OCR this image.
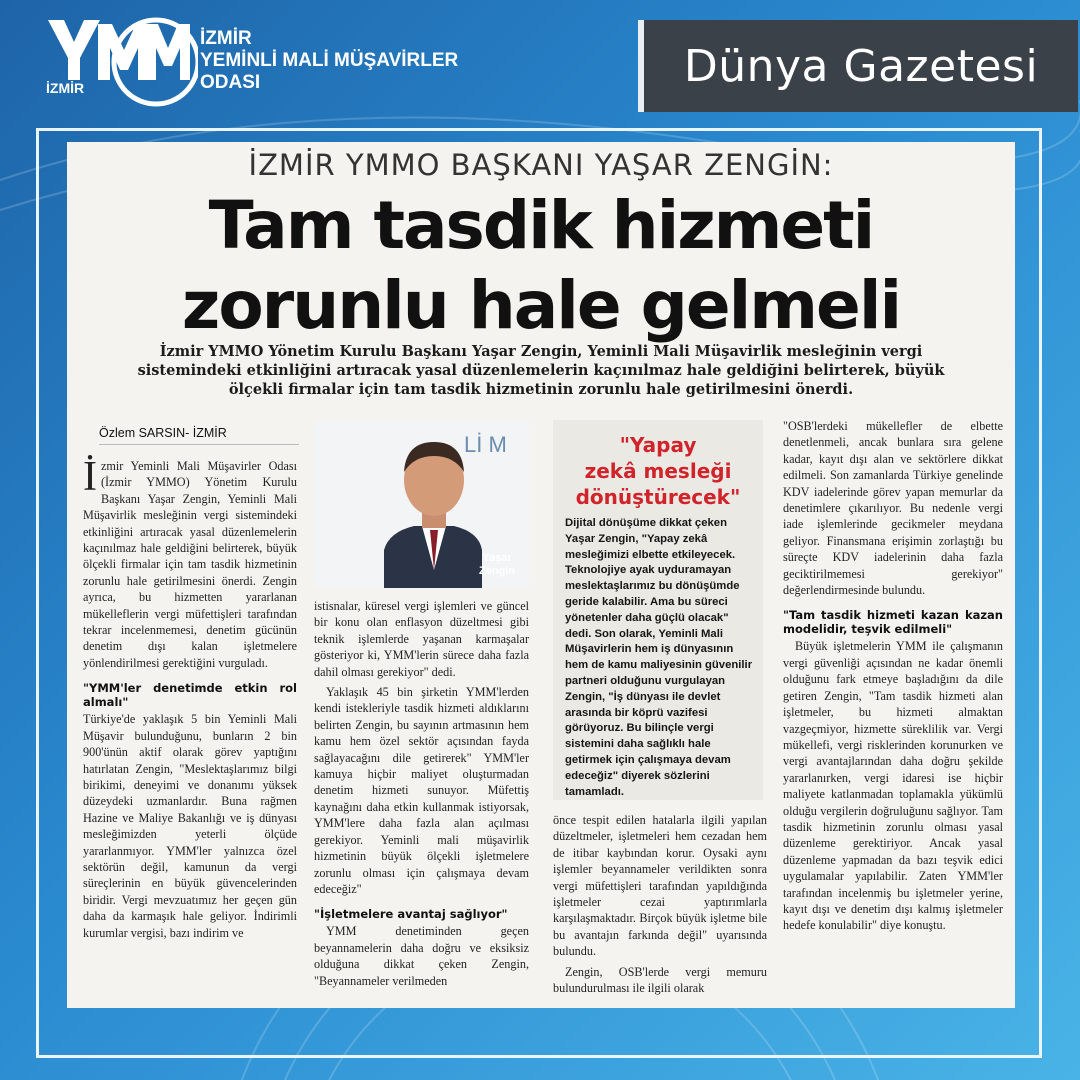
İZMİR
İZMİR
YEMİNLİ MALİ MÜŞAVİRLER
ODASI	Dünya Gazetesi
İZMİR YMMO BAŞKANI YAŞAR ZENGİN:
Tam tasdik hizmeti
zorunlu hale gelmeli
İzmir YMMO Yönetim Kurulu Başkanı Yaşar Zengin, Yeminli Mali Müşavirlik mesleğinin vergi
sistemindeki etkinliğini artıracak yasal düzenlemelerin kaçınılmaz hale geldiğini belirterek, büyük
ölçekli firmalar için tam tasdik hizmetinin zorunlu hale getirilmesini önerdi.
Özlem SARSIN- İZMİR

İzmir Yeminli Mali Müşavirler Odası (İzmir YMMO) Yönetim Kurulu Başkanı Yaşar Zengin, Yeminli Mali Müşavirlik mesleğinin vergi sistemindeki etkinliğini artıracak yasal düzenlemelerin kaçınılmaz hale geldiğini belirterek, büyük ölçekli firmalar için tam tasdik hizmetinin zorunlu hale getirilmesini önerdi. Zengin ayrıca, bu hizmetten yararlanan mükelleflerin vergi müfettişleri tarafından tekrar incelenmemesi, denetim gücünün denetim dışı kalan işletmelere yönlendirilmesi gerektiğini vurguladı.

"YMM'ler denetimde etkin rol almalı"

Türkiye'de yaklaşık 5 bin Yeminli Mali Müşavir bulunduğunu, bunların 2 bin 900'ünün aktif olarak görev yaptığını hatırlatan Zengin, "Meslektaşlarımız bilgi birikimi, deneyimi ve donanımı yüksek düzeydeki uzmanlardır. Buna rağmen Hazine ve Maliye Bakanlığı ve iş dünyası mesleğimizden yeterli ölçüde yararlanmıyor. YMM'ler yalnızca özel sektörün değil, kamunun da vergi süreçlerinin en büyük güvencelerinden biridir. Vergi mevzuatımız her geçen gün daha da karmaşık hale geliyor. İndirimli kurumlar vergisi, bazı indirim ve

Lİ M
Yaşar
Zengin

istisnalar, küresel vergi işlemleri ve güncel bir konu olan enflasyon düzeltmesi gibi teknik işlemlerde yaşanan karmaşalar gösteriyor ki, YMM'lerin sürece daha fazla dahil olması gerekiyor" dedi.

Yaklaşık 45 bin şirketin YMM'lerden kendi istekleriyle tasdik hizmeti aldıklarını belirten Zengin, bu sayının artmasının hem kamu hem özel sektör açısından fayda sağlayacağını dile getirerek" YMM'ler kamuya hiçbir maliyet oluşturmadan denetim hizmeti sunuyor. Müfettiş kaynağını daha etkin kullanmak istiyorsak, YMM'lere daha fazla alan açılması gerekiyor. Yeminli mali müşavirlik hizmetinin büyük ölçekli işletmelere zorunlu olması için çalışmaya devam edeceğiz"

"İşletmelere avantaj sağlıyor"

YMM denetiminden geçen beyannamelerin daha doğru ve eksiksiz olduğuna dikkat çeken Zengin, "Beyannameler verilmeden

"Yapay
zekâ mesleği
dönüştürecek"
Dijital dönüşüme dikkat çeken Yaşar Zengin, "Yapay zekâ mesleğimizi elbette etkileyecek. Teknolojiye ayak uyduramayan meslektaşlarımız bu dönüşümde geride kalabilir. Ama bu süreci yönetenler daha güçlü olacak" dedi. Son olarak, Yeminli Mali Müşavirlerin hem iş dünyasının hem de kamu maliyesinin güvenilir partneri olduğunu vurgulayan Zengin, "İş dünyası ile devlet arasında bir köprü vazifesi görüyoruz. Bu bilinçle vergi sistemini daha sağlıklı hale getirmek için çalışmaya devam edeceğiz" diyerek sözlerini tamamladı.

önce tespit edilen hatalarla ilgili yapılan düzeltmeler, işletmeleri hem cezadan hem de itibar kaybından korur. Oysaki aynı işlemler beyannameler verildikten sonra vergi müfettişleri tarafından yapıldığında işletmeler cezai yaptırımlarla karşılaşmaktadır. Birçok büyük işletme bile bu avantajın farkında değil" uyarısında bulundu.

Zengin, OSB'lerde vergi memuru bulundurulması ile ilgili olarak

"OSB'lerdeki mükellefler de elbette denetlenmeli, ancak bunlara sıra gelene kadar, kayıt dışı alan ve sektörlere dikkat edilmeli. Son zamanlarda Türkiye genelinde KDV iadelerinde görev yapan memurlar da denetimlere çıkarılıyor. Bu nedenle vergi iade işlemlerinde gecikmeler meydana geliyor. Finansmana erişimin zorlaştığı bu süreçte KDV iadelerinin daha fazla geciktirilmemesi gerekiyor" değerlendirmesinde bulundu.

"Tam tasdik hizmeti kazan kazan modelidir, teşvik edilmeli"

Büyük işletmelerin YMM ile çalışmanın vergi güvenliği açısından ne kadar önemli olduğunu fark etmeye başladığını da dile getiren Zengin, "Tam tasdik hizmeti alan işletmeler, bu hizmeti almaktan vazgeçmiyor, hizmette süreklilik var. Vergi mükellefi, vergi risklerinden korunurken ve vergi avantajlarından daha doğru şekilde yararlanırken, vergi idaresi ise hiçbir maliyete katlanmadan toplamakla yükümlü olduğu vergilerin doğruluğunu sağlıyor. Tam tasdik hizmetinin zorunlu olması yasal düzenleme gerektiriyor. Ancak yasal düzenleme yapmadan da bazı teşvik edici uygulamalar yapılabilir. Zaten YMM'ler tarafından incelenmiş bu işletmeler yerine, kayıt dışı ve denetim dışı kalmış işletmeler hedefe konulabilir" diye konuştu.
